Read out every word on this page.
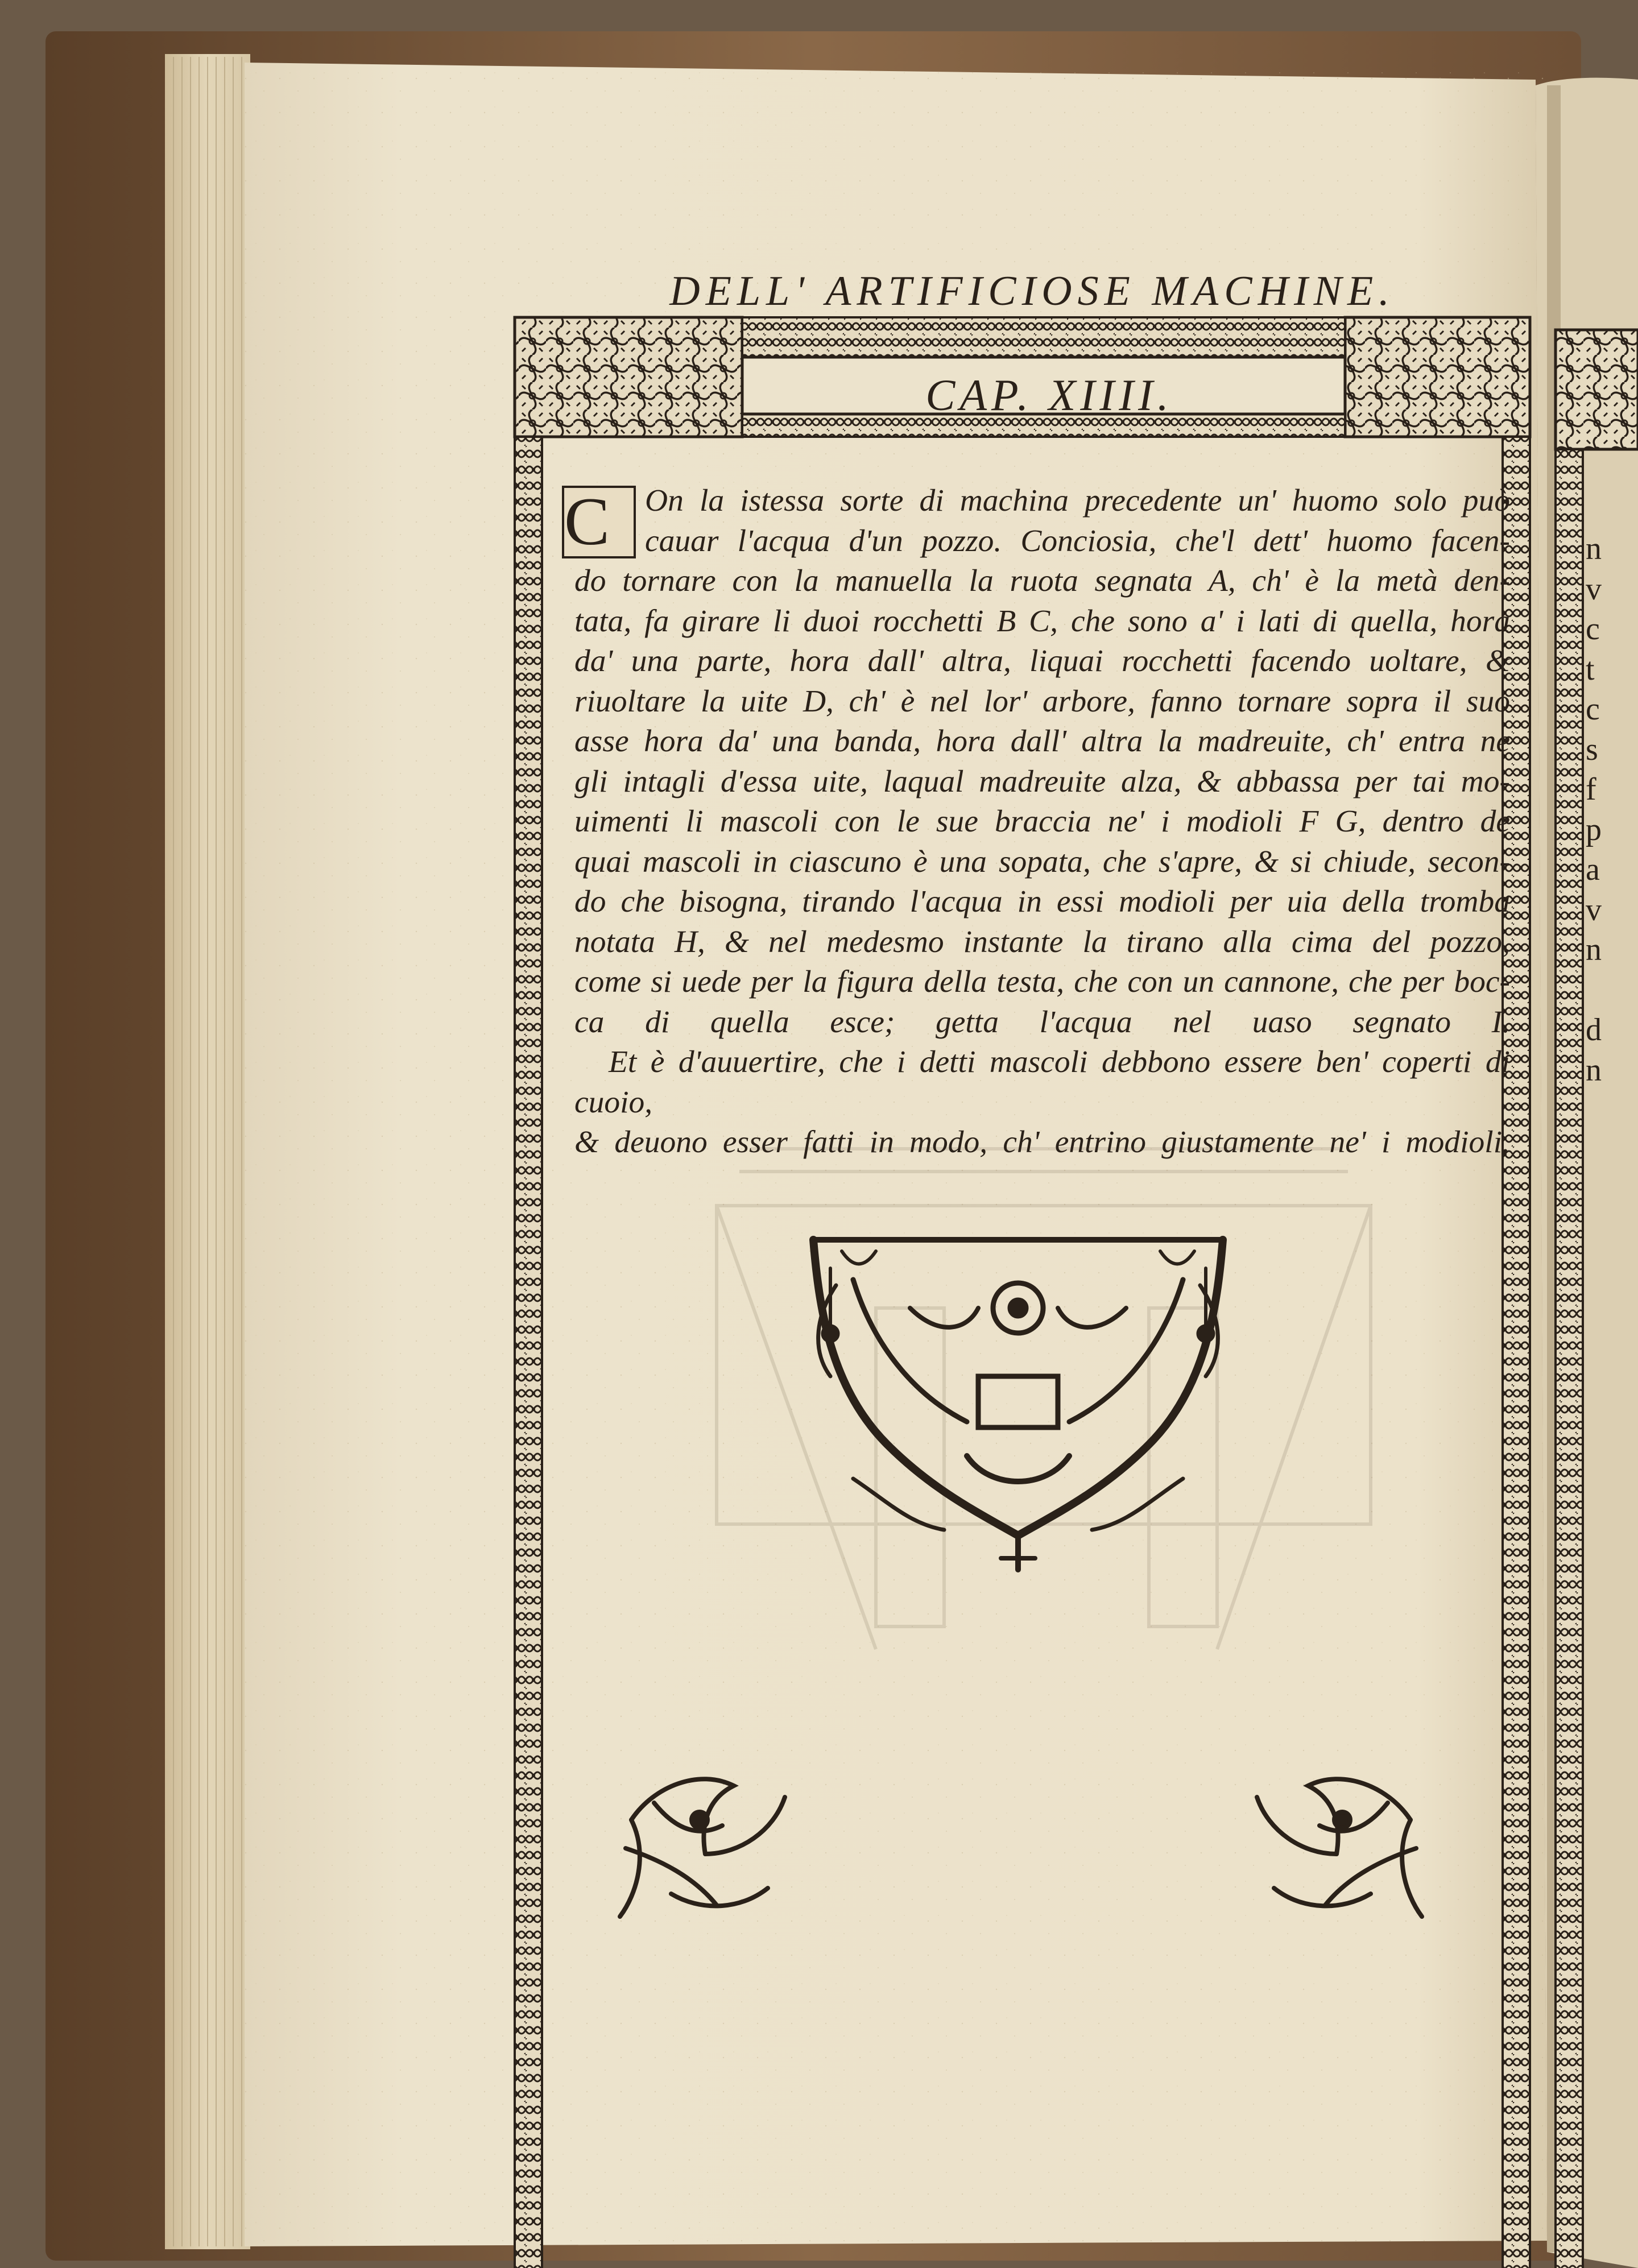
DELL' ARTIFICIOSE MACHINE.
CAP. XIIII.

C	On la istessa sorte di machina precedente un' huomo solo può
cauar l'acqua d'un pozzo. Conciosia, che'l dett' huomo facen-
do tornare con la manuella la ruota segnata A, ch' è la metà den-
tata, fa girare li duoi rocchetti B C, che sono a' i lati di quella, hora
da' una parte, hora dall' altra, liquai rocchetti facendo uoltare, &
riuoltare la uite D, ch' è nel lor' arbore, fanno tornare sopra il suo
asse hora da' una banda, hora dall' altra la madreuite, ch' entra ne
gli intagli d'essa uite, laqual madreuite alza, & abbassa per tai mo-
uimenti li mascoli con le sue braccia ne' i modioli F G, dentro de
quai mascoli in ciascuno è una sopata, che s'apre, & si chiude, secon-
do che bisogna, tirando l'acqua in essi modioli per uia della tromba
notata H, & nel medesmo instante la tirano alla cima del pozzo,
come si uede per la figura della testa, che con un cannone, che per boc-
ca di quella esce; getta l'acqua nel uaso segnato I.

Et è d'auuertire, che i detti mascoli debbono essere ben' coperti di cuoio,
& deuono esser fatti in modo, ch' entrino giustamente ne' i modioli.

n
v
c
t
c
s
f
p
a
v
n
d
n
